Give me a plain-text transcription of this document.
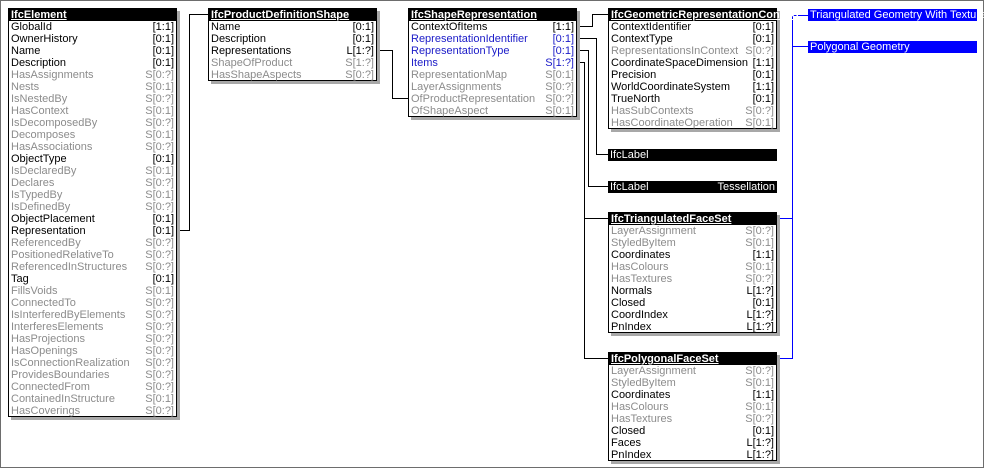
IfcElement
GlobalId	[1:1]
OwnerHistory	[0:1]
Name	[0:1]
Description	[0:1]
HasAssignments	S[0:?]
Nests	S[0:1]
IsNestedBy	S[0:?]
HasContext	S[0:1]
IsDecomposedBy	S[0:?]
Decomposes	S[0:1]
HasAssociations	S[0:?]
ObjectType	[0:1]
IsDeclaredBy	S[0:1]
Declares	S[0:?]
IsTypedBy	S[0:1]
IsDefinedBy	S[0:?]
ObjectPlacement	[0:1]
Representation	[0:1]
ReferencedBy	S[0:?]
PositionedRelativeTo	S[0:?]
ReferencedInStructures S[0:?]
Tag	[0:1]
FillsVoids	S[0:1]
ConnectedTo	S[0:?]
IsInterferedByElements S[0:?]
InterferesElements	S[0:?]
HasProjections	S[0:?]
HasOpenings	S[0:?]
IsConnectionRealization S[0:?]
ProvidesBoundaries	S[0:?]
ConnectedFrom	S[0:?]
ContainedInStructure	S[0:1]
HasCoverings	S[0:?]
IfcProductDefinitionShape
Name	[0:1]
Description	[0:1]
Representations	L[1:?]
ShapeOfProduct	S[1:?]
HasShapeAspects	S[0:?]
IfcShapeRepresentation
ContextOfItems	[1:1]
RepresentationIdentifier [0:1]
RepresentationType	[0:1]
Items	S[1:?]
RepresentationMap	S[0:1]
LayerAssignments	S[0:?]
OfProductRepresentation S[0:?]
OfShapeAspect	S[0:1]
IfcGeometricRepresentationContext
ContextIdentifier	[0:1]
ContextType	[0:1]
RepresentationsInContext S[0:?]
CoordinateSpaceDimension [1:1]
Precision	[0:1]
WorldCoordinateSystem [1:1]
TrueNorth	[0:1]
HasSubContexts	S[0:?]
HasCoordinateOperation S[0:1]
IfcLabel
IfcLabel	Tessellation
IfcTriangulatedFaceSet
LayerAssignment	S[0:?]
StyledByItem	S[0:1]
Coordinates	[1:1]
HasColours	S[0:1]
HasTextures	S[0:?]
Normals	L[1:?]
Closed	[0:1]
CoordIndex	L[1:?]
PnIndex	L[1:?]
IfcPolygonalFaceSet
LayerAssignment	S[0:?]
StyledByItem	S[0:1]
Coordinates	[1:1]
HasColours	S[0:1]
HasTextures	S[0:?]
Closed	[0:1]
Faces	L[1:?]
PnIndex	L[1:?]
Triangulated Geometry With Textures
Polygonal Geometry
